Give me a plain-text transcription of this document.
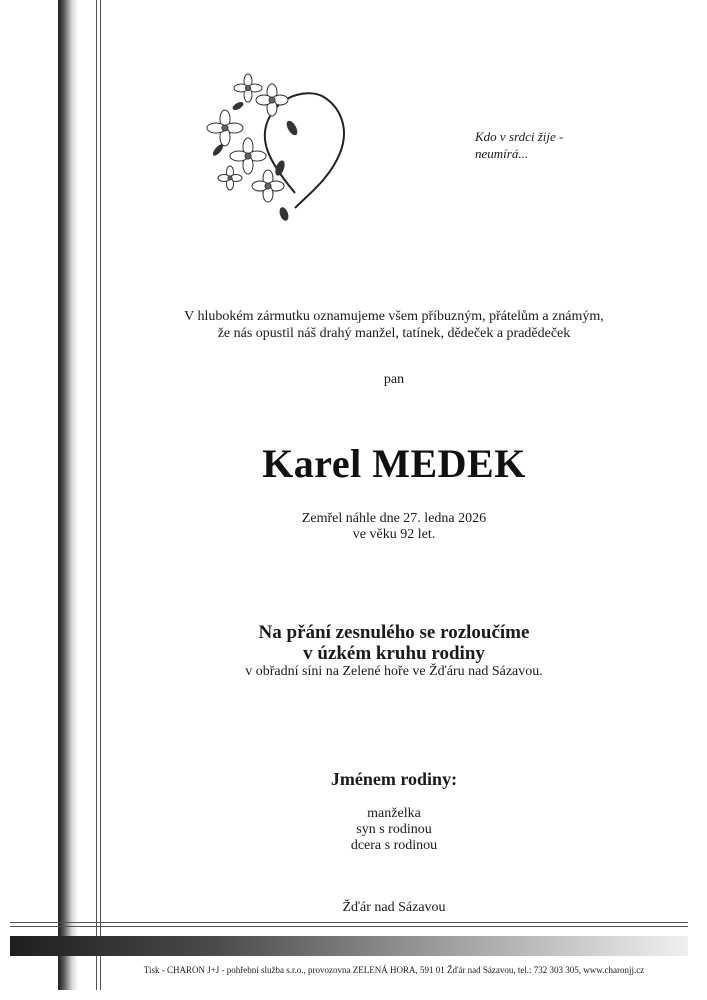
Kdo v srdci žije -
neumírá...
V hlubokém zármutku oznamujeme všem příbuzným, přátelům a známým,
že nás opustil náš drahý manžel, tatínek, dědeček a pradědeček
pan
Karel MEDEK
Zemřel náhle dne 27. ledna 2026
ve věku 92 let.
Na přání zesnulého se rozloučíme
v úzkém kruhu rodiny
v obřadní síni na Zelené hoře ve Žďáru nad Sázavou.
Jménem rodiny:
manželka
syn s rodinou
dcera s rodinou
Žďár nad Sázavou
Tisk - CHARON J+J - pohřební služba s.r.o., provozovna ZELENÁ HORA, 591 01 Žďár nad Sázavou, tel.: 732 303 305, www.charonjj.cz
